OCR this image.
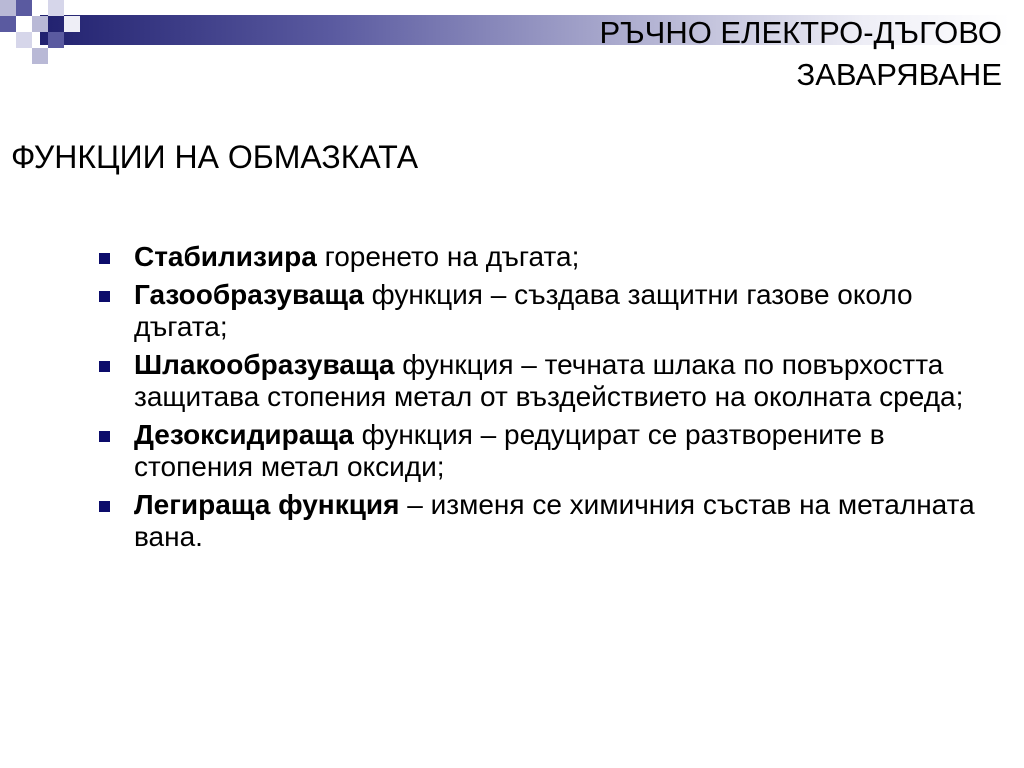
РЪЧНО ЕЛЕКТРО-ДЪГОВО
ЗАВАРЯВАНЕ
ФУНКЦИИ НА ОБМАЗКАТА
Стабилизира горенето на дъгата;
Газообразуваща функция – създава защитни газове около дъгата;
Шлакообразуваща функция – течната шлака по повърхостта защитава стопения метал от въздействието на околната среда;
Дезоксидираща функция – редуцират се разтворените в стопения метал оксиди;
Легираща функция – изменя се химичния състав на металната вана.
